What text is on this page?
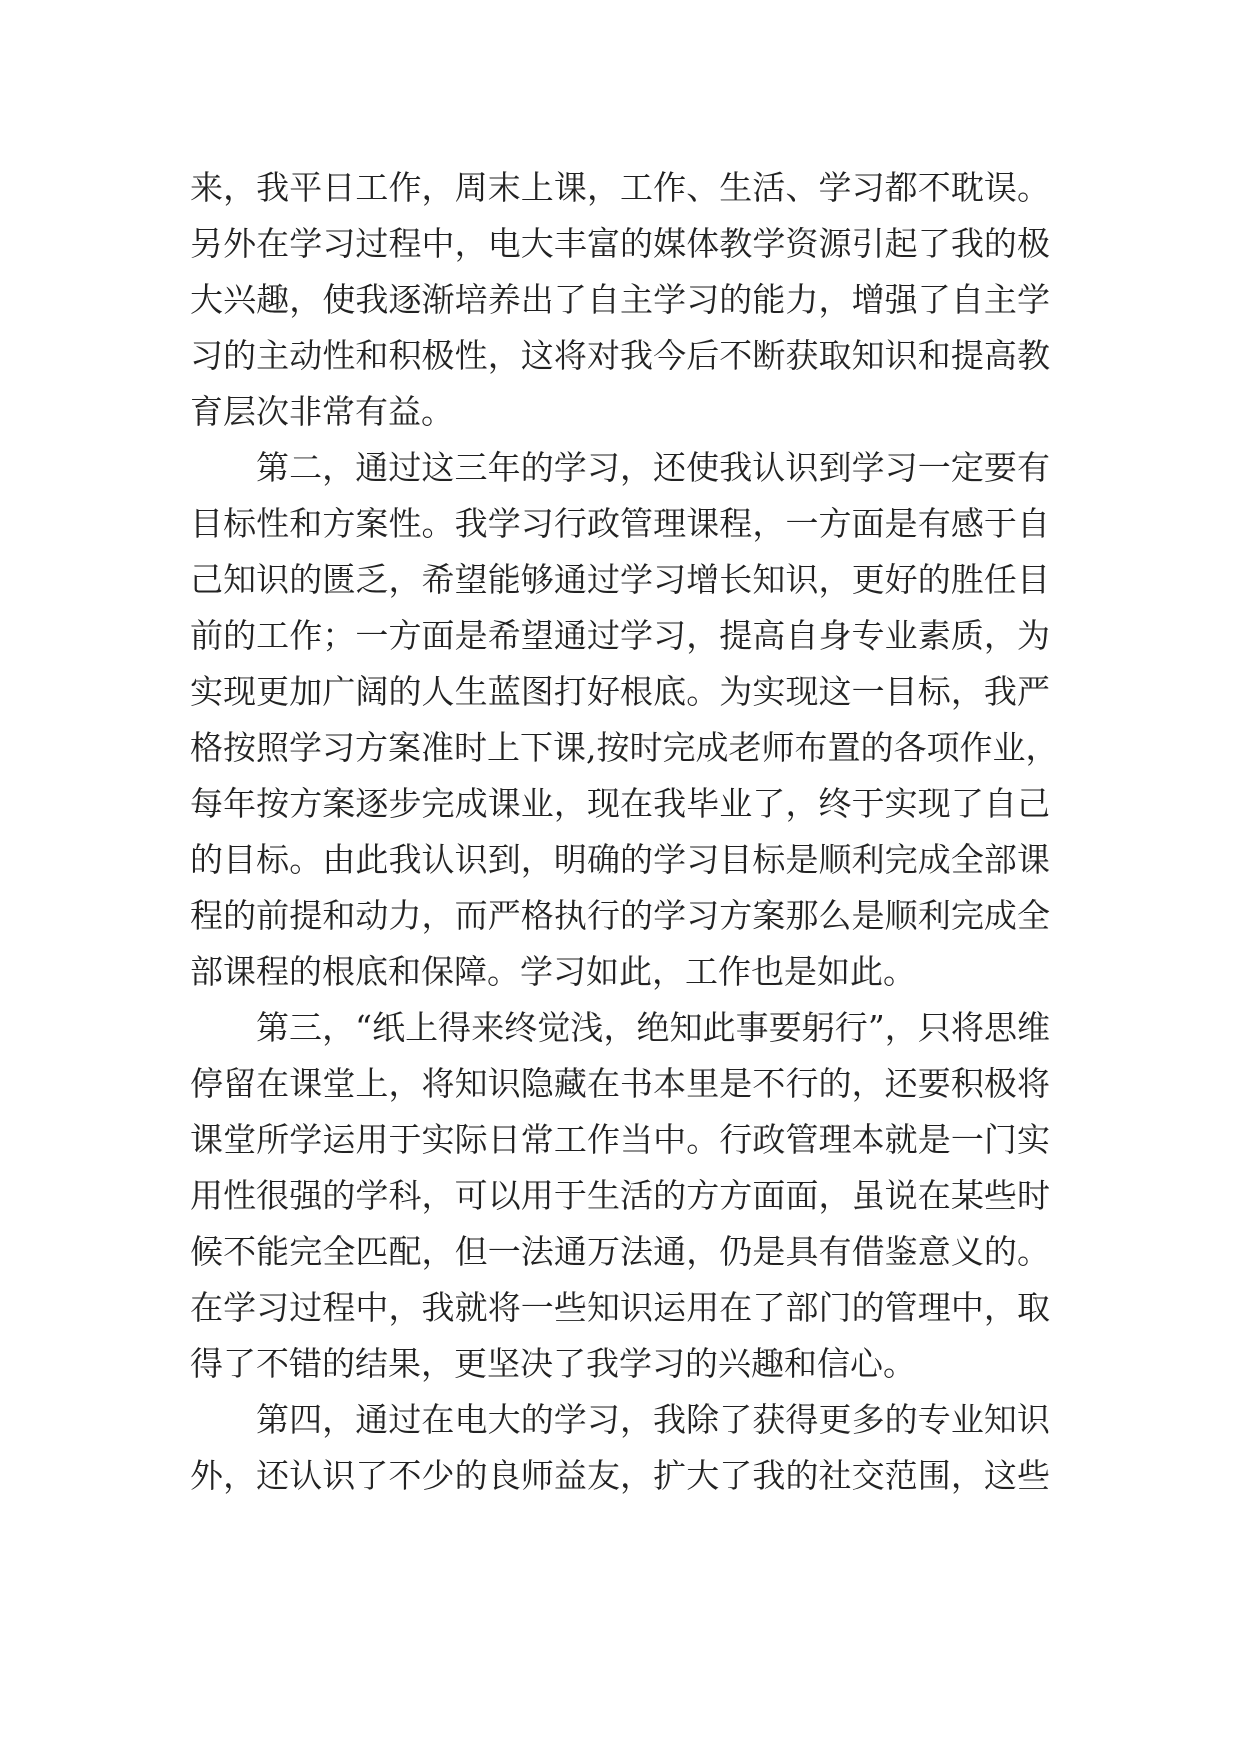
来，我平日工作，周末上课，工作、生活、学习都不耽误。
另外在学习过程中，电大丰富的媒体教学资源引起了我的极
大兴趣，使我逐渐培养出了自主学习的能力，增强了自主学
习的主动性和积极性，这将对我今后不断获取知识和提高教
育层次非常有益。
第二，通过这三年的学习，还使我认识到学习一定要有
目标性和方案性。我学习行政管理课程，一方面是有感于自
己知识的匮乏，希望能够通过学习增长知识，更好的胜任目
前的工作；一方面是希望通过学习，提高自身专业素质，为
实现更加广阔的人生蓝图打好根底。为实现这一目标，我严
格按照学习方案准时上下课,按时完成老师布置的各项作业，
每年按方案逐步完成课业，现在我毕业了，终于实现了自己
的目标。由此我认识到，明确的学习目标是顺利完成全部课
程的前提和动力，而严格执行的学习方案那么是顺利完成全
部课程的根底和保障。学习如此，工作也是如此。
第三，“纸上得来终觉浅，绝知此事要躬行”，只将思维
停留在课堂上，将知识隐藏在书本里是不行的，还要积极将
课堂所学运用于实际日常工作当中。行政管理本就是一门实
用性很强的学科，可以用于生活的方方面面，虽说在某些时
候不能完全匹配，但一法通万法通，仍是具有借鉴意义的。
在学习过程中，我就将一些知识运用在了部门的管理中，取
得了不错的结果，更坚决了我学习的兴趣和信心。
第四，通过在电大的学习，我除了获得更多的专业知识
外，还认识了不少的良师益友，扩大了我的社交范围，这些
